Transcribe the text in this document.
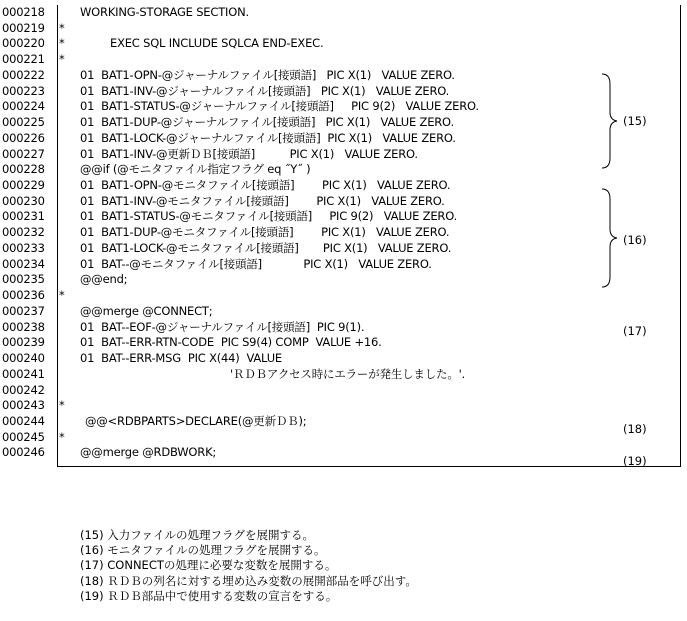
000218	WORKING-STORAGE SECTION.
000219	*
000220	*	EXEC SQL INCLUDE SQLCA END-EXEC.
000221	*
000222	01  BAT1-OPN-@ジャーナルファイル[接頭語]   PIC X(1)   VALUE ZERO.
000223	01  BAT1-INV-@ジャーナルファイル[接頭語]   PIC X(1)   VALUE ZERO.
000224	01  BAT1-STATUS-@ジャーナルファイル[接頭語]     PIC 9(2)   VALUE ZERO.
000225	01  BAT1-DUP-@ジャーナルファイル[接頭語]   PIC X(1)   VALUE ZERO.
000226	01  BAT1-LOCK-@ジャーナルファイル[接頭語]  PIC X(1)   VALUE ZERO.
000227	01  BAT1-INV-@更新ＤＢ[接頭語]          PIC X(1)   VALUE ZERO.
000228	@@if (@モニタファイル指定フラグ eq ˝Y˝ )
000229	01  BAT1-OPN-@モニタファイル[接頭語]        PIC X(1)   VALUE ZERO.
000230	01  BAT1-INV-@モニタファイル[接頭語]        PIC X(1)   VALUE ZERO.
000231	01  BAT1-STATUS-@モニタファイル[接頭語]     PIC 9(2)   VALUE ZERO.
000232	01  BAT1-DUP-@モニタファイル[接頭語]        PIC X(1)   VALUE ZERO.
000233	01  BAT1-LOCK-@モニタファイル[接頭語]       PIC X(1)   VALUE ZERO.
000234	01  BAT--@モニタファイル[接頭語]            PIC X(1)   VALUE ZERO.
000235	@@end;
000236	*
000237	@@merge @CONNECT;
000238	01  BAT--EOF-@ジャーナルファイル[接頭語]  PIC 9(1).
000239	01  BAT--ERR-RTN-CODE  PIC S9(4) COMP  VALUE +16.
000240	01  BAT--ERR-MSG  PIC X(44)  VALUE
000241	'ＲＤＢアクセス時にエラーが発生しました。'.
000242
000243	*
000244	@@<RDBPARTS>DECLARE(@更新ＤＢ);
000245	*
000246	@@merge @RDBWORK;
(15)
(16)
(17)
(18)
(19)
(15) 入力ファイルの処理フラグを展開する。
(16) モニタファイルの処理フラグを展開する。
(17) CONNECTの処理に必要な変数を展開する。
(18) ＲＤＢの列名に対する埋め込み変数の展開部品を呼び出す。
(19) ＲＤＢ部品中で使用する変数の宣言をする。
